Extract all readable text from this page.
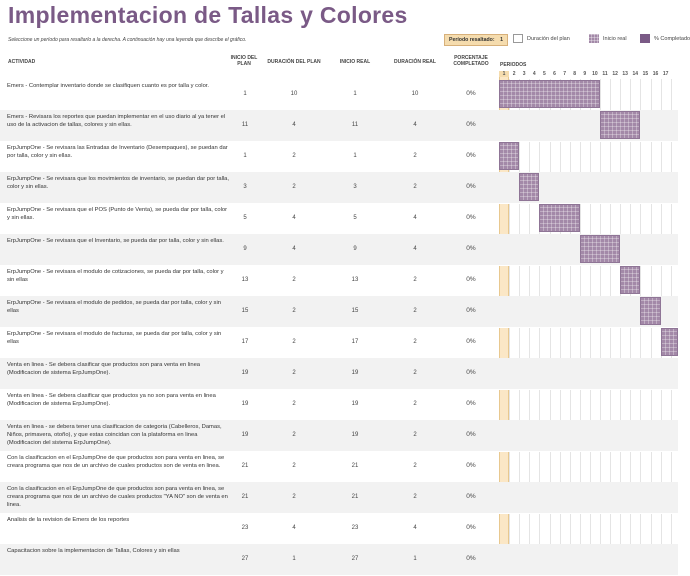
Implementacion de Tallas y Colores
Seleccione un período para resaltarlo a la derecha. A continuación hay una leyenda que describe el gráfico.	Período resaltado: 1	Duración del plan	Inicio real	% Completado
ACTIVIDAD
INICIO DEL PLAN	DURACIÓN DEL PLAN	INICIO REAL	DURACIÓN REAL
PORCENTAJE COMPLETADO	PERIODOS
1	2	3	4	5	6	7	8	9	10 11 12 13 14 15 16 17
Emers - Contemplar inventario donde se clasifiquen cuanto es por talla y color.
1	10	1	10	0%
Emers - Revisara los reportes que puedan implementar en el uso diario al ya tener el uso de la activacion de tallas, colores y sin ellas.	11	4	11	4	0%
ErpJumpOne - Se revisara las Entradas de Inventario (Desempaques), se puedan dar por talla, color y sin ellas.	1	2	1	2	0%
ErpJumpOne - Se revisara que los movimientos de inventario, se puedan dar por talla, color y sin ellas.	3	2	3	2	0%
ErpJumpOne - Se revisara que el POS (Punto de Venta), se pueda dar por talla, color y sin ellas.	5	4	5	4	0%
ErpJumpOne - Se revisara que el Inventario, se pueda dar por talla, color y sin ellas.
9	4	9	4	0%
ErpJumpOne - Se revisara el modulo de cotizaciones, se pueda dar por talla, color y sin ellas	13	2	13	2	0%
ErpJumpOne - Se revisara el modulo de pedidos, se pueda dar por talla, color y sin ellas	15	2	15	2	0%
ErpJumpOne - Se revisara el modulo de facturas, se pueda dar por talla, color y sin ellas	17	2	17	2	0%
Venta en linea - Se debera clasificar que productos son para venta en linea (Modificacion de sistema ErpJumpOne).	19	2	19	2	0%
Venta en linea - Se debera clasificar que productos ya no son para venta en linea (Modificacion de sistema ErpJumpOne).	19	2	19	2	0%
Venta en linea - se debera tener una clasificacion de categoria (Cabelleros, Damas, Niños, primavera, otoño), y que estas coincidan con la plataforma en linea (Modificacion del sistema ErpJumpOne).
19	2	19	2	0%
Con la clasificacion en el ErpJumpOne de que productos son para venta en linea, se creara programa que nos de un archivo de cuales productos son de venta en linea.	21	2	21	2	0%
Con la clasificacion en el ErpJumpOne de que productos son para venta en linea, se creara programa que nos de un archivo de cuales productos "YA NO" son de venta en linea.
21	2	21	2	0%
Analisis de la revision de Emers de los reportes
23	4	23	4	0%
Capacitacion sobre la implementacion de Tallas, Colores y sin ellas
27	1	27	1	0%
